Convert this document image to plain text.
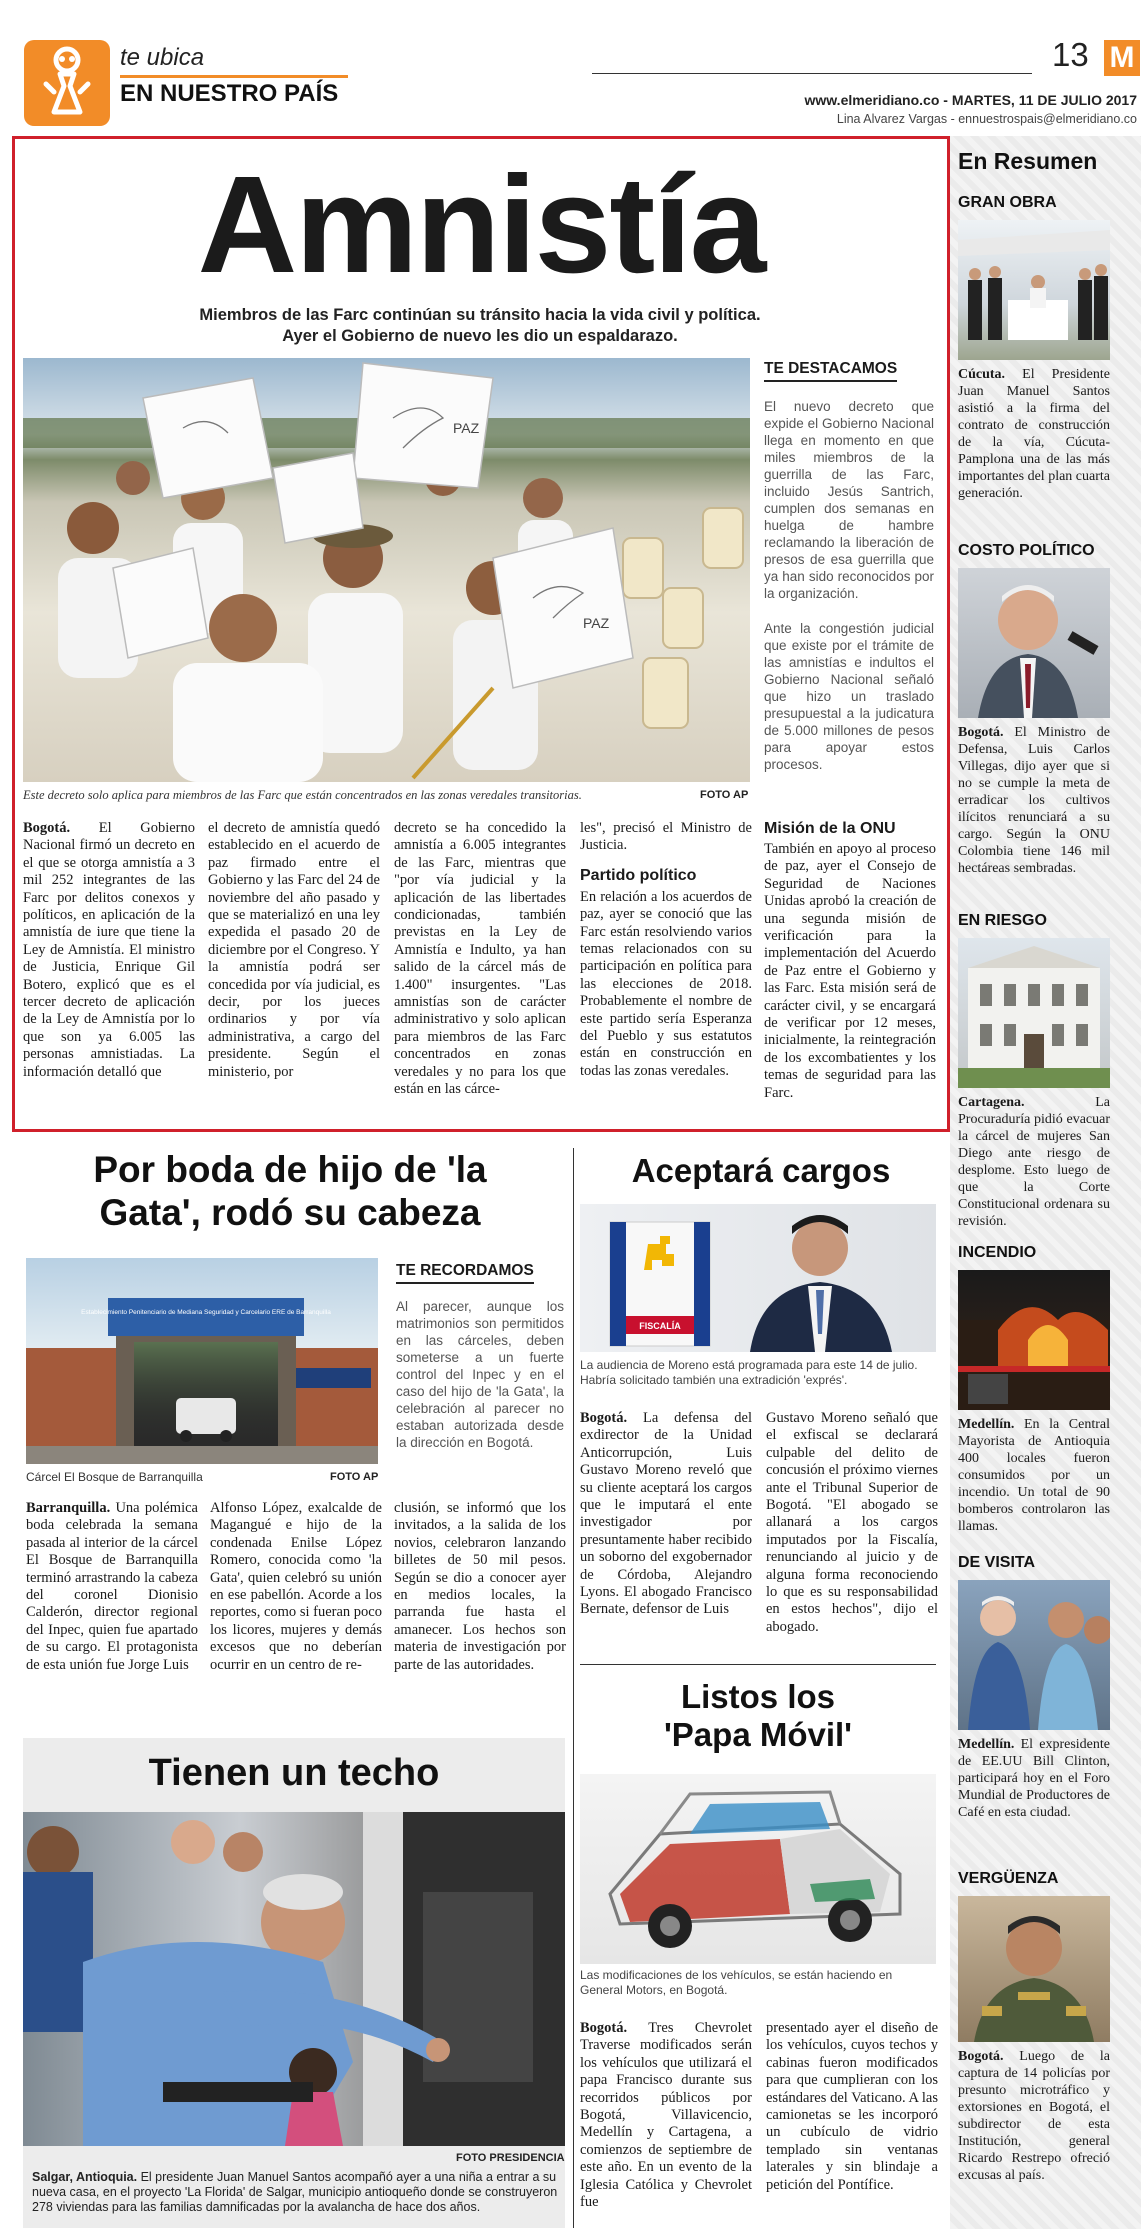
te ubica
EN NUESTRO PAÍS
13 M
www.elmeridiano.co - MARTES, 11 DE JULIO 2017
Lina Alvarez Vargas - ennuestrospais@elmeridiano.co
Amnistía
Miembros de las Farc continúan su tránsito hacia la vida civil y política. Ayer el Gobierno de nuevo les dio un espaldarazo.
PAZ
PAZ
Este decreto solo aplica para miembros de las Farc que están concentrados en las zonas veredales transitorias.	FOTO AP
TE DESTACAMOS
El nuevo decreto que expide el Gobierno Nacional llega en momento en que miles miembros de la guerrilla de las Farc, incluido Jesús Santrich, cumplen dos semanas en huelga de hambre reclamando la liberación de presos de esa guerrilla que ya han sido reconocidos por la organización.
Ante la congestión judicial que existe por el trámite de las amnistías e indultos el Gobierno Nacional señaló que hizo un traslado presupuestal a la judicatura de 5.000 millones de pesos para apoyar estos procesos.
Bogotá. El Gobierno Nacional firmó un decreto en el que se otorga amnistía a 3 mil 252 integrantes de las Farc por delitos conexos y políticos, en aplicación de la amnistía de iure que tiene la Ley de Amnistía. El ministro de Justicia, Enrique Gil Botero, explicó que es el tercer decreto de aplicación de la Ley de Amnistía por lo que son ya 6.005 las personas amnistiadas. La información detalló que
el decreto de amnistía quedó establecido en el acuerdo de paz firmado entre el Gobierno y las Farc del 24 de noviembre del año pasado y que se materializó en una ley expedida el pasado 20 de diciembre por el Congreso. Y la amnistía podrá ser concedida por vía judicial, es decir, por los jueces ordinarios y por vía administrativa, a cargo del presidente. Según el ministerio, por
decreto se ha concedido la amnistía a 6.005 integrantes de las Farc, mientras que "por vía judicial y la aplicación de las libertades condicionadas, también previstas en la Ley de Amnistía e Indulto, ya han salido de la cárcel más de 1.400" insurgentes. "Las amnistías son de carácter administrativo y solo aplican para miembros de las Farc concentrados en zonas veredales y no para los que están en las cárce-
les", precisó el Ministro de Justicia.
Partido político
En relación a los acuerdos de paz, ayer se conoció que las Farc están resolviendo varios temas relacionados con su participación en política para las elecciones de 2018. Probablemente el nombre de este partido sería Esperanza del Pueblo y sus estatutos están en construcción en todas las zonas veredales.
Misión de la ONU
También en apoyo al proceso de paz, ayer el Consejo de Seguridad de Naciones Unidas aprobó la creación de una segunda misión de verificación para la implementación del Acuerdo de Paz entre el Gobierno y las Farc. Esta misión será de carácter civil, y se encargará de verificar por 12 meses, inicialmente, la reintegración de los excombatientes y los temas de seguridad para las Farc.
Por boda de hijo de 'la
Gata', rodó su cabeza
Establecimiento Penitenciario de Mediana Seguridad y Carcelario ERE de Barranquilla
Cárcel El Bosque de Barranquilla	FOTO AP
TE RECORDAMOS
Al parecer, aunque los matrimonios son permitidos en las cárceles, deben someterse a un fuerte control del Inpec y en el caso del hijo de 'la Gata', la celebración al parecer no estaban autorizada desde la dirección en Bogotá.
Barranquilla. Una polémica boda celebrada la semana pasada al interior de la cárcel El Bosque de Barranquilla terminó arrastrando la cabeza del coronel Dionisio Calderón, director regional del Inpec, quien fue apartado de su cargo. El protagonista de esta unión fue Jorge Luis
Alfonso López, exalcalde de Magangué e hijo de la condenada Enilse López Romero, conocida como 'la Gata', quien celebró su unión en ese pabellón. Acorde a los reportes, como si fueran poco los licores, mujeres y demás excesos que no deberían ocurrir en un centro de re-
clusión, se informó que los invitados, a la salida de los novios, celebraron lanzando billetes de 50 mil pesos. Según se dio a conocer ayer en medios locales, la parranda fue hasta el amanecer. Los hechos son materia de investigación por parte de las autoridades.
Tienen un techo
FOTO PRESIDENCIA
Salgar, Antioquia. El presidente Juan Manuel Santos acompañó ayer a una niña a entrar a su nueva casa, en el proyecto 'La Florida' de Salgar, municipio antioqueño donde se construyeron 278 viviendas para las familias damnificadas por la avalancha de hace dos años.
Aceptará cargos
FISCALÍA
La audiencia de Moreno está programada para este 14 de julio. Habría solicitado también una extradición 'exprés'.
Bogotá. La defensa del exdirector de la Unidad Anticorrupción, Luis Gustavo Moreno reveló que su cliente aceptará los cargos que le imputará el ente investigador por presuntamente haber recibido un soborno del exgobernador de Córdoba, Alejandro Lyons. El abogado Francisco Bernate, defensor de Luis
Gustavo Moreno señaló que el exfiscal se declarará culpable del delito de concusión el próximo viernes ante el Tribunal Superior de Bogotá. "El abogado se allanará a los cargos imputados por la Fiscalía, renunciando al juicio y de alguna forma reconociendo lo que es su responsabilidad en estos hechos", dijo el abogado.
Listos los
'Papa Móvil'
Las modificaciones de los vehículos, se están haciendo en General Motors, en Bogotá.
Bogotá. Tres Chevrolet Traverse modificados serán los vehículos que utilizará el papa Francisco durante sus recorridos públicos por Bogotá, Villavicencio, Medellín y Cartagena, a comienzos de septiembre de este año. En un evento de la Iglesia Católica y Chevrolet fue
presentado ayer el diseño de los vehículos, cuyos techos y cabinas fueron modificados para que cumplieran con los estándares del Vaticano. A las camionetas se les incorporó un cubículo de vidrio templado sin ventanas laterales y sin blindaje a petición del Pontífice.
En Resumen
GRAN OBRA
Cúcuta. El Presidente Juan Manuel Santos asistió a la firma del contrato de construcción de la vía, Cúcuta-Pamplona una de las más importantes del plan cuarta generación.
COSTO POLÍTICO
Bogotá. El Ministro de Defensa, Luis Carlos Villegas, dijo ayer que si no se cumple la meta de erradicar los cultivos ilícitos renunciará a su cargo. Según la ONU Colombia tiene 146 mil hectáreas sembradas.
EN RIESGO
Cartagena. La Procuraduría pidió evacuar la cárcel de mujeres San Diego ante riesgo de desplome. Esto luego de que la Corte Constitucional ordenara su revisión.
INCENDIO
Medellín. En la Central Mayorista de Antioquia 400 locales fueron consumidos por un incendio. Un total de 90 bomberos controlaron las llamas.
DE VISITA
Medellín. El expresidente de EE.UU Bill Clinton, participará hoy en el Foro Mundial de Productores de Café en esta ciudad.
VERGÜENZA
Bogotá. Luego de la captura de 14 policías por presunto microtráfico y extorsiones en Bogotá, el subdirector de esta Institución, general Ricardo Restrepo ofreció excusas al país.
